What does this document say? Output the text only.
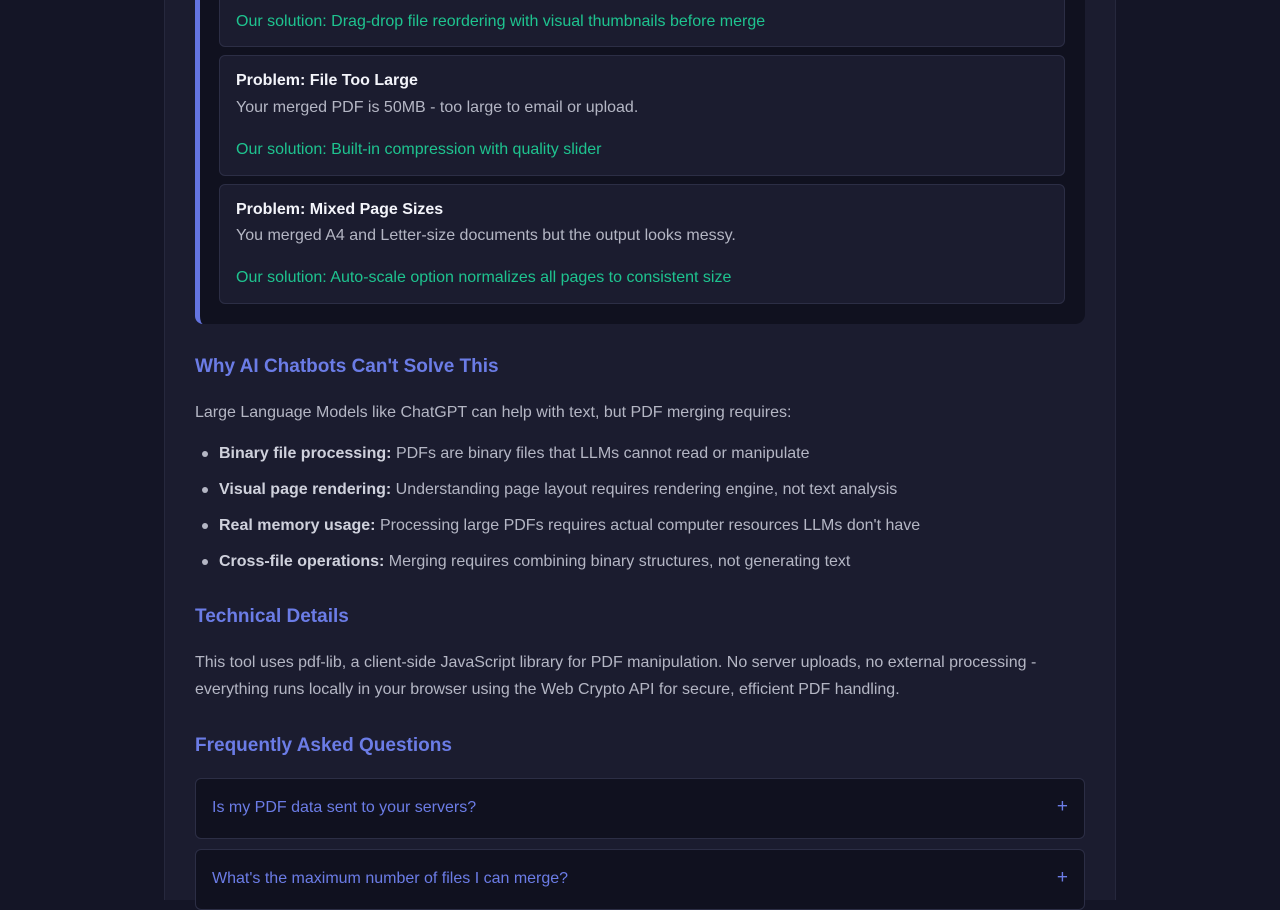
Our solution: Drag-drop file reordering with visual thumbnails before merge
Problem: File Too Large
Your merged PDF is 50MB - too large to email or upload.
Our solution: Built-in compression with quality slider
Problem: Mixed Page Sizes
You merged A4 and Letter-size documents but the output looks messy.
Our solution: Auto-scale option normalizes all pages to consistent size
Why AI Chatbots Can't Solve This

Large Language Models like ChatGPT can help with text, but PDF merging requires:

Binary file processing: PDFs are binary files that LLMs cannot read or manipulate
Visual page rendering: Understanding page layout requires rendering engine, not text analysis
Real memory usage: Processing large PDFs requires actual computer resources LLMs don't have
Cross-file operations: Merging requires combining binary structures, not generating text
Technical Details

This tool uses pdf-lib, a client-side JavaScript library for PDF manipulation. No server uploads, no external processing - everything runs locally in your browser using the Web Crypto API for secure, efficient PDF handling.

Frequently Asked Questions
Is my PDF data sent to your servers?	+
What's the maximum number of files I can merge?	+
